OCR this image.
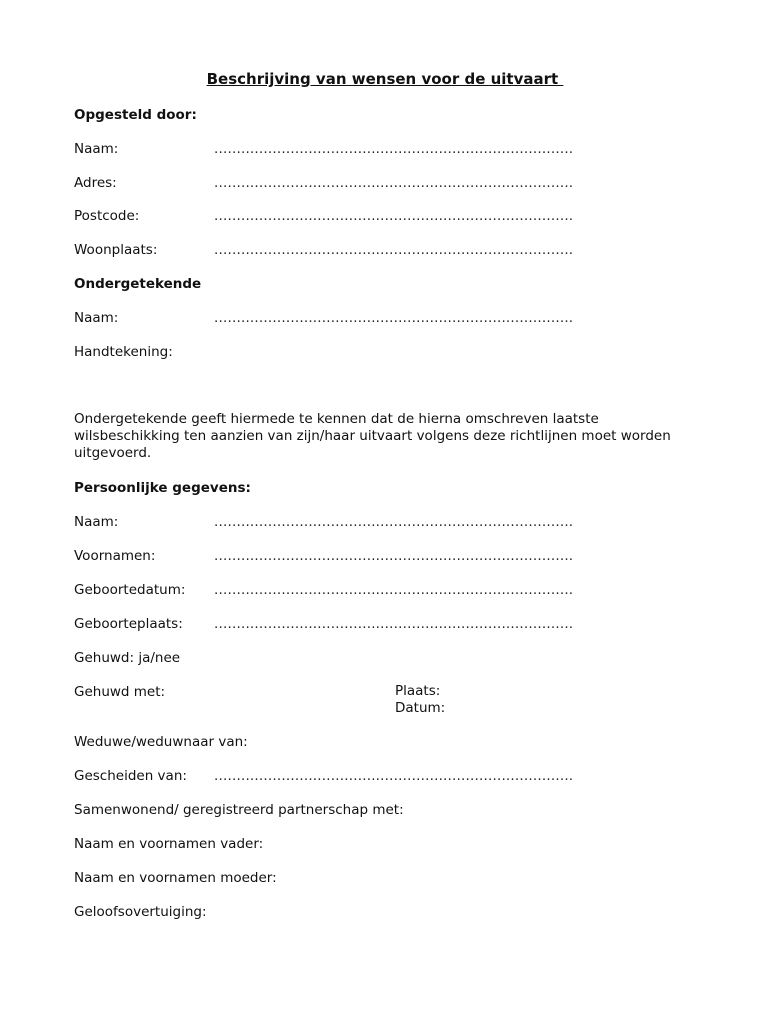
Beschrijving van wensen voor de uitvaart
Opgesteld door:
Naam:	................................................................................
Adres:	................................................................................
Postcode:	................................................................................
Woonplaats:	................................................................................
Ondergetekende
Naam:	................................................................................
Handtekening:
Ondergetekende geeft hiermede te kennen dat de hierna omschreven laatste
wilsbeschikking ten aanzien van zijn/haar uitvaart volgens deze richtlijnen moet worden
uitgevoerd.
Persoonlijke gegevens:
Naam:	................................................................................
Voornamen:	................................................................................
Geboortedatum: ................................................................................
Geboorteplaats: ................................................................................
Gehuwd: ja/nee
Gehuwd met:	Plaats:
Datum:
Weduwe/weduwnaar van:
Gescheiden van: ................................................................................
Samenwonend/ geregistreerd partnerschap met:
Naam en voornamen vader:
Naam en voornamen moeder:
Geloofsovertuiging:
